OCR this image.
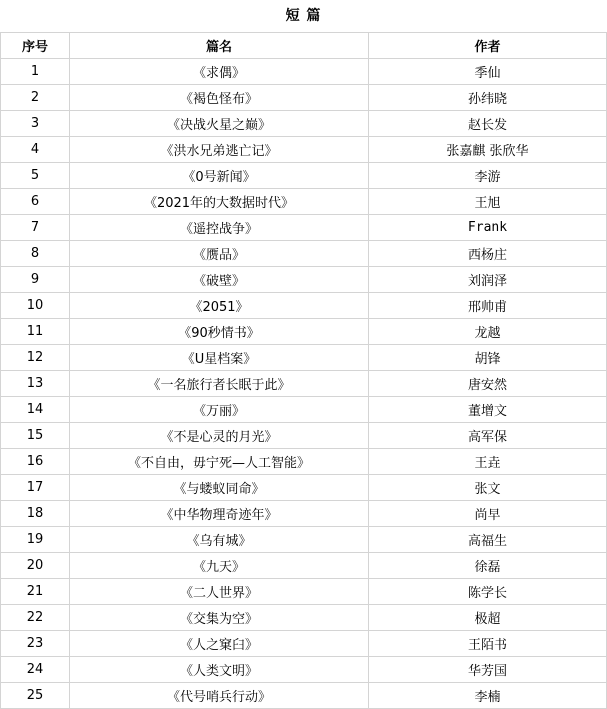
短 篇
序号	篇名	作者
1	《求偶》	季仙
2	《褐色怪布》	孙纬晓
3	《决战火星之巅》	赵长发
4	《洪水兄弟逃亡记》	张嘉麒 张欣华
5	《0号新闻》	李游
6	《2021年的大数据时代》	王旭
7	《遥控战争》	Frank
8	《赝品》	西杨庄
9	《破壁》	刘润泽
10	《2051》	邢帅甫
11	《90秒情书》	龙越
12	《U星档案》	胡锋
13	《一名旅行者长眠于此》	唐安然
14	《万丽》	董增文
15	《不是心灵的月光》	高军保
16	《不自由，毋宁死—人工智能》	王垚
17	《与蝼蚁同命》	张文
18	《中华物理奇迹年》	尚早
19	《乌有城》	高福生
20	《九天》	徐磊
21	《二人世界》	陈学长
22	《交集为空》	极超
23	《人之窠臼》	王陌书
24	《人类文明》	华芳国
25	《代号哨兵行动》	李楠
